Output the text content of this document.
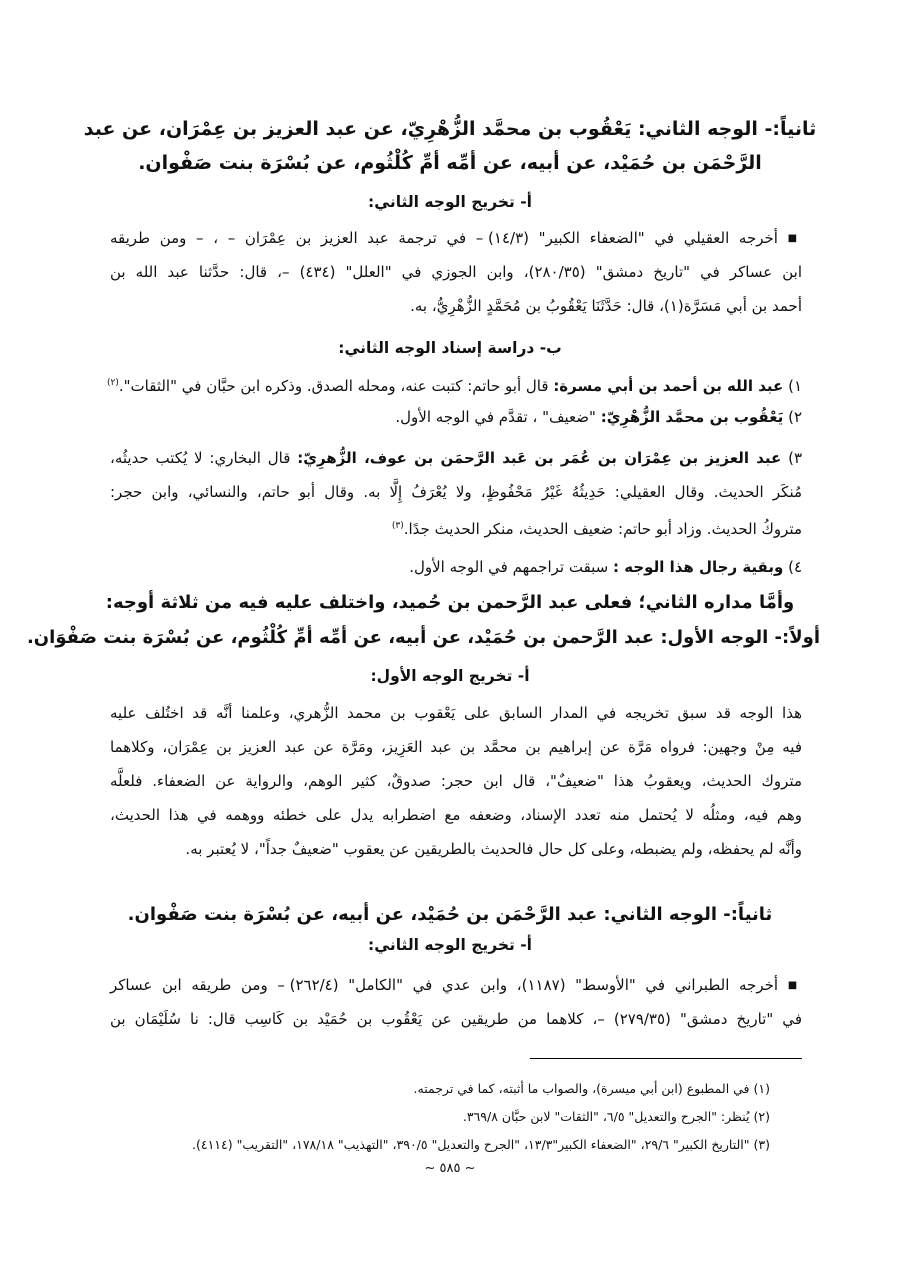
ثانياً:- الوجه الثاني: يَعْقُوب بن محمَّد الزُّهْرِيّ، عن عبد العزيز بن عِمْرَان، عن عبد
الرَّحْمَن بن حُمَيْد، عن أبيه، عن أمِّه أمِّ كُلْثُوم، عن بُسْرَة بنت صَفْوان.
أ- تخريج الوجه الثاني:
■ أخرجه العقيلي في "الضعفاء الكبير" (١٤/٣) – في ترجمة عبد العزيز بن عِمْرَان – ، – ومن طريقه
ابن عساكر في "تاريخ دمشق" (٢٨٠/٣٥)، وابن الجوزي في "العلل" (٤٣٤) –، قال: حدَّثنا عبد الله بن
أحمد بن أبي مَسَرَّة(١)، قال: حَدَّثَنَا يَعْقُوبُ بن مُحَمَّدٍ الزُّهْرِيُّ، به.
ب- دراسة إسناد الوجه الثاني:
١) عبد الله بن أحمد بن أبي مسرة: قال أبو حاتم: كتبت عنه، ومحله الصدق. وذكره ابن حبَّان في "الثقات".$^{(٢)}$
٢) يَعْقُوب بن محمَّد الزُّهْرِيّ: "ضعيف" ، تقدَّم في الوجه الأول.
٣) عبد العزيز بن عِمْرَان بن عُمَر بن عَبد الرَّحمَن بن عوف، الزُّهرِيّ: قال البخاري: لا يُكتب حديثُه،
مُنكَر الحديث. وقال العقيلي: حَدِيثُهُ غَيْرُ مَحْفُوظٍ، ولا يُعْرَفُ إِلَّا به. وقال أبو حاتم، والنسائي، وابن حجر:
متروكُ الحديث. وزاد أبو حاتم: ضعيف الحديث، منكر الحديث جدًا.$^{(٣)}$
٤) وبقية رجال هذا الوجه : سبقت تراجمهم في الوجه الأول.
وأمَّا مداره الثاني؛ فعلى عبد الرَّحمن بن حُميد، واختلف عليه فيه من ثلاثة أوجه:
أولاً:- الوجه الأول: عبد الرَّحمن بن حُمَيْد، عن أبيه، عن أمِّه أمِّ كُلْثُوم، عن بُسْرَة بنت صَفْوَان.
أ- تخريج الوجه الأول:
هذا الوجه قد سبق تخريجه في المدار السابق على يَعْقوب بن محمد الزُّهري، وعلمنا أنَّه قد اختُلف عليه
فيه مِنْ وجهين: فرواه مَرَّة عن إبراهيم بن محمَّد بن عبد العَزِيز، ومَرَّة عن عبد العزيز بن عِمْرَان، وكلاهما
متروك الحديث، ويعقوبُ هذا "ضعيفٌ"، قال ابن حجر: صدوقٌ، كثير الوهم، والرواية عن الضعفاء. فلعلَّه
وهم فيه، ومثلُه لا يُحتمل منه تعدد الإسناد، وضعفه مع اضطرابه يدل على خطئه ووهمه في هذا الحديث،
وأنَّه لم يحفظه، ولم يضبطه، وعلى كل حال فالحديث بالطريقين عن يعقوب "ضعيفٌ جداً"، لا يُعتبر به.
ثانياً:- الوجه الثاني: عبد الرَّحْمَن بن حُمَيْد، عن أبيه، عن بُسْرَة بنت صَفْوان.
أ- تخريج الوجه الثاني:
■ أخرجه الطبراني في "الأوسط" (١١٨٧)، وابن عدي في "الكامل" (٢٦٢/٤) – ومن طريقه ابن عساكر
في "تاريخ دمشق" (٢٧٩/٣٥) –، كلاهما من طريقين عن يَعْقُوب بن حُمَيْد بن كَاسِب قال: نا سُلَيْمَان بن
(١) في المطبوع (ابن أبي ميسرة)، والصواب ما أثبته، كما في ترجمته.
(٢) يُنظر: "الجرح والتعديل" ٦/٥، "الثقات" لابن حبَّان ٣٦٩/٨.
(٣) "التاريخ الكبير" ٢٩/٦، "الضعفاء الكبير"١٣/٣، "الجرح والتعديل" ٣٩٠/٥، "التهذيب" ١٧٨/١٨، "التقريب" (٤١١٤).
~ ٥٨٥ ~
